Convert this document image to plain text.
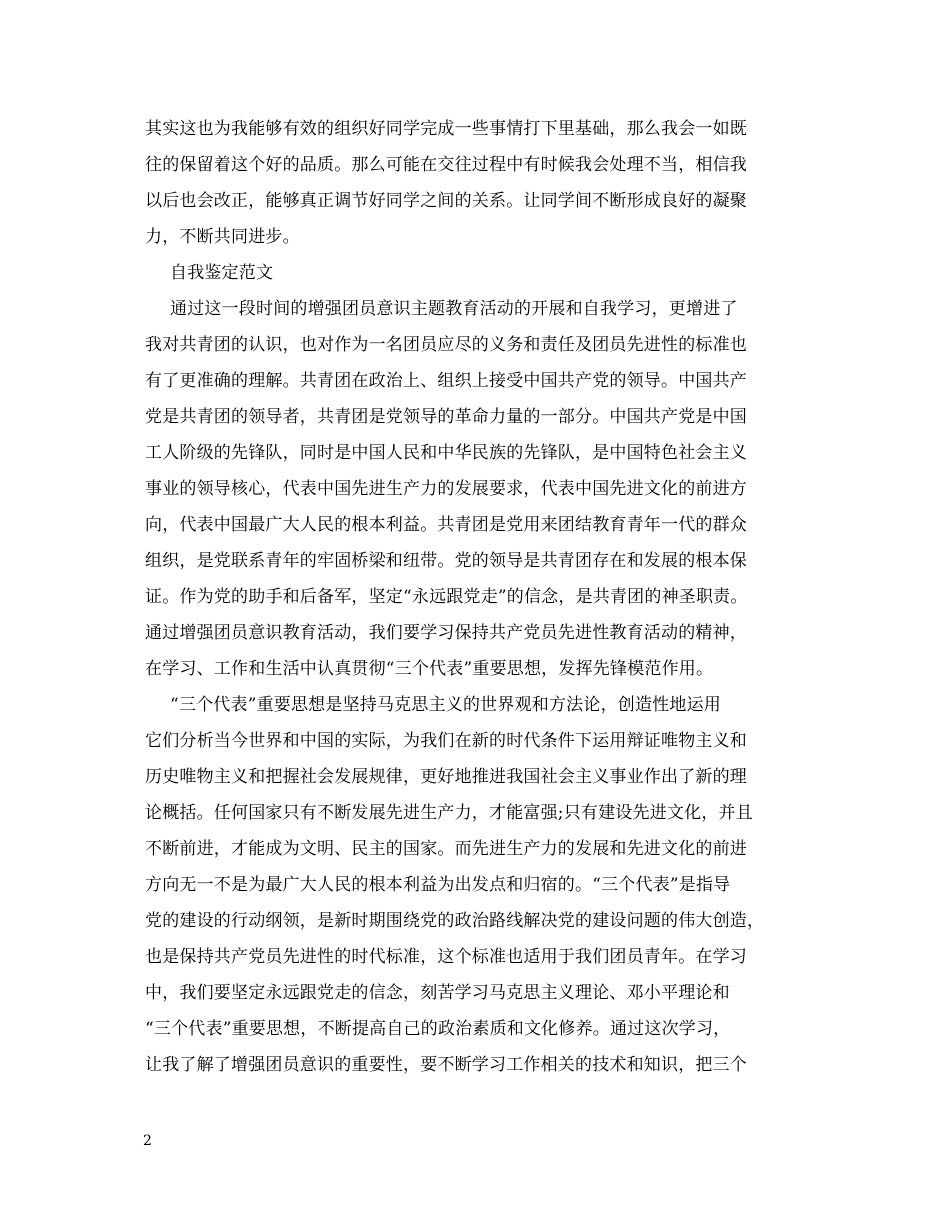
其实这也为我能够有效的组织好同学完成一些事情打下里基础，那么我会一如既
往的保留着这个好的品质。那么可能在交往过程中有时候我会处理不当，相信我
以后也会改正，能够真正调节好同学之间的关系。让同学间不断形成良好的凝聚
力，不断共同进步。
自我鉴定范文
通过这一段时间的增强团员意识主题教育活动的开展和自我学习，更增进了
我对共青团的认识，也对作为一名团员应尽的义务和责任及团员先进性的标准也
有了更准确的理解。共青团在政治上、组织上接受中国共产党的领导。中国共产
党是共青团的领导者，共青团是党领导的革命力量的一部分。中国共产党是中国
工人阶级的先锋队，同时是中国人民和中华民族的先锋队，是中国特色社会主义
事业的领导核心，代表中国先进生产力的发展要求，代表中国先进文化的前进方
向，代表中国最广大人民的根本利益。共青团是党用来团结教育青年一代的群众
组织，是党联系青年的牢固桥梁和纽带。党的领导是共青团存在和发展的根本保
证。作为党的助手和后备军，坚定“永远跟党走”的信念，是共青团的神圣职责。
通过增强团员意识教育活动，我们要学习保持共产党员先进性教育活动的精神，
在学习、工作和生活中认真贯彻“三个代表”重要思想，发挥先锋模范作用。
“三个代表”重要思想是坚持马克思主义的世界观和方法论，创造性地运用
它们分析当今世界和中国的实际，为我们在新的时代条件下运用辩证唯物主义和
历史唯物主义和把握社会发展规律，更好地推进我国社会主义事业作出了新的理
论概括。任何国家只有不断发展先进生产力，才能富强;只有建设先进文化，并且
不断前进，才能成为文明、民主的国家。而先进生产力的发展和先进文化的前进
方向无一不是为最广大人民的根本利益为出发点和归宿的。“三个代表”是指导
党的建设的行动纲领，是新时期围绕党的政治路线解决党的建设问题的伟大创造，
也是保持共产党员先进性的时代标准，这个标准也适用于我们团员青年。在学习
中，我们要坚定永远跟党走的信念，刻苦学习马克思主义理论、邓小平理论和
“三个代表”重要思想，不断提高自己的政治素质和文化修养。通过这次学习，
让我了解了增强团员意识的重要性，要不断学习工作相关的技术和知识，把三个
2
